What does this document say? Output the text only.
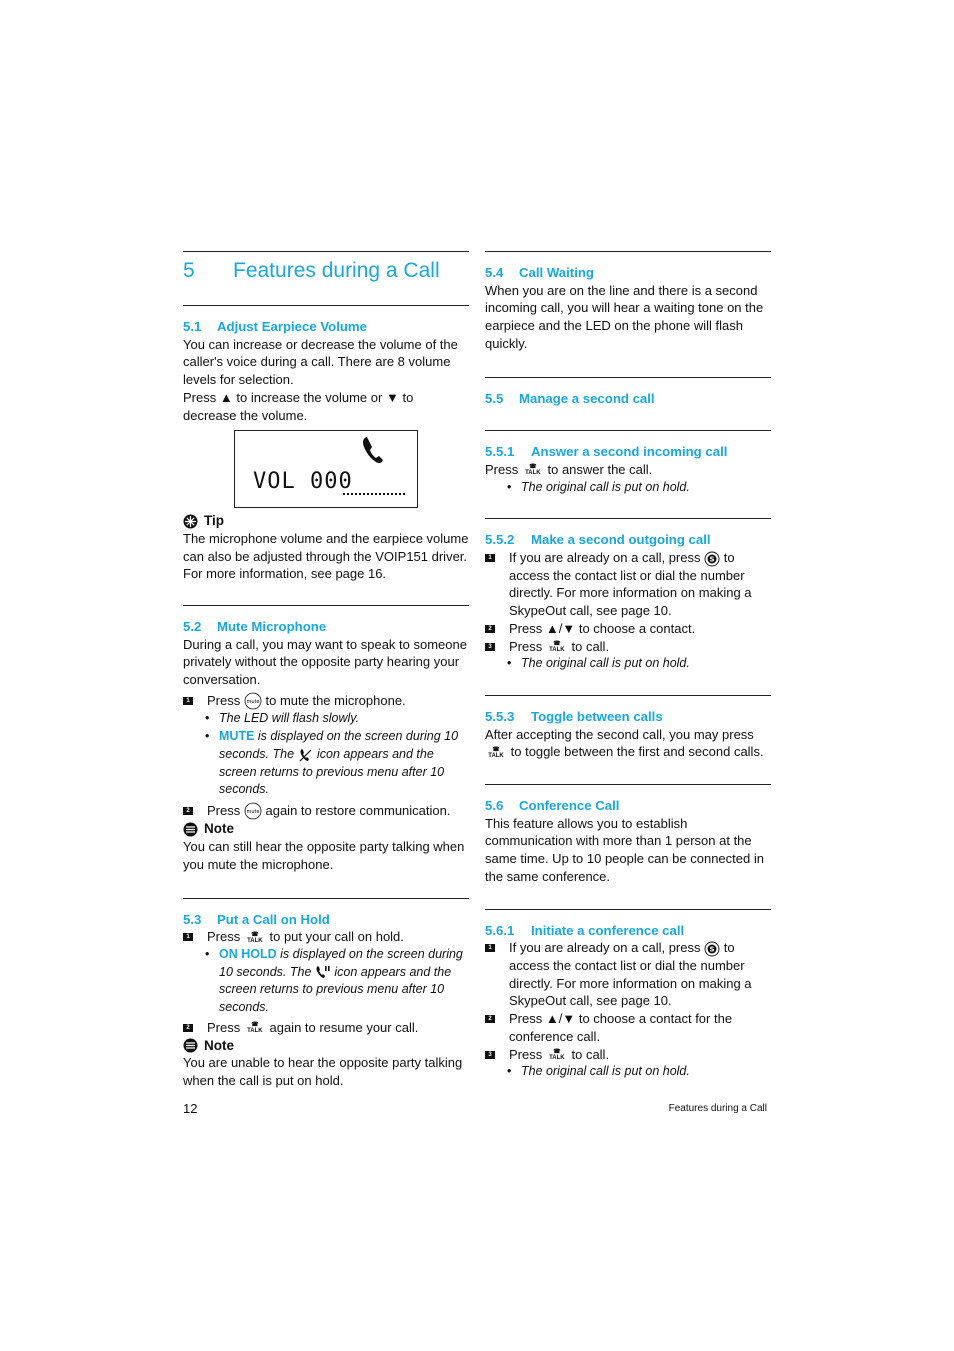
5	Features during a Call
5.1	Adjust Earpiece Volume

You can increase or decrease the volume of the caller's voice during a call. There are 8 volume levels for selection.

Press ▲ to increase the volume or ▼ to decrease the volume.

VOL 000
Tip

The microphone volume and the earpiece volume can also be adjusted through the VOIP151 driver. For more information, see page 16.

5.2	Mute Microphone

During a call, you may want to speak to someone privately without the opposite party hearing your conversation.

1 Press mute to mute the microphone.
• The LED will flash slowly.
• MUTE is displayed on the screen during 10 seconds. The icon appears and the screen returns to previous menu after 10 seconds.
2 Press mute again to restore communication.
Note

You can still hear the opposite party talking when you mute the microphone.

5.3	Put a Call on Hold
1 Press ☎
TALK to put your call on hold.
• ON HOLD is displayed on the screen during 10 seconds. The icon appears and the screen returns to previous menu after 10 seconds.
2 Press ☎
TALK again to resume your call.
Note

You are unable to hear the opposite party talking when the call is put on hold.

5.4	Call Waiting

When you are on the line and there is a second incoming call, you will hear a waiting tone on the earpiece and the LED on the phone will flash quickly.

5.5	Manage a second call
5.5.1	Answer a second incoming call

Press ☎
TALK to answer the call.

• The original call is put on hold.
5.5.2	Make a second outgoing call
1 If you are already on a call, press S to access the contact list or dial the number directly. For more information on making a SkypeOut call, see page 10.
2 Press ▲/▼ to choose a contact.
3 Press ☎
TALK to call.
• The original call is put on hold.
5.5.3	Toggle between calls

After accepting the second call, you may press ☎
TALK to toggle between the first and second calls.

5.6	Conference Call

This feature allows you to establish communication with more than 1 person at the same time. Up to 10 people can be connected in the same conference.

5.6.1	Initiate a conference call
1 If you are already on a call, press S to access the contact list or dial the number directly. For more information on making a SkypeOut call, see page 10.
2 Press ▲/▼ to choose a contact for the conference call.
3 Press ☎
TALK to call.
• The original call is put on hold.
12	Features during a Call
